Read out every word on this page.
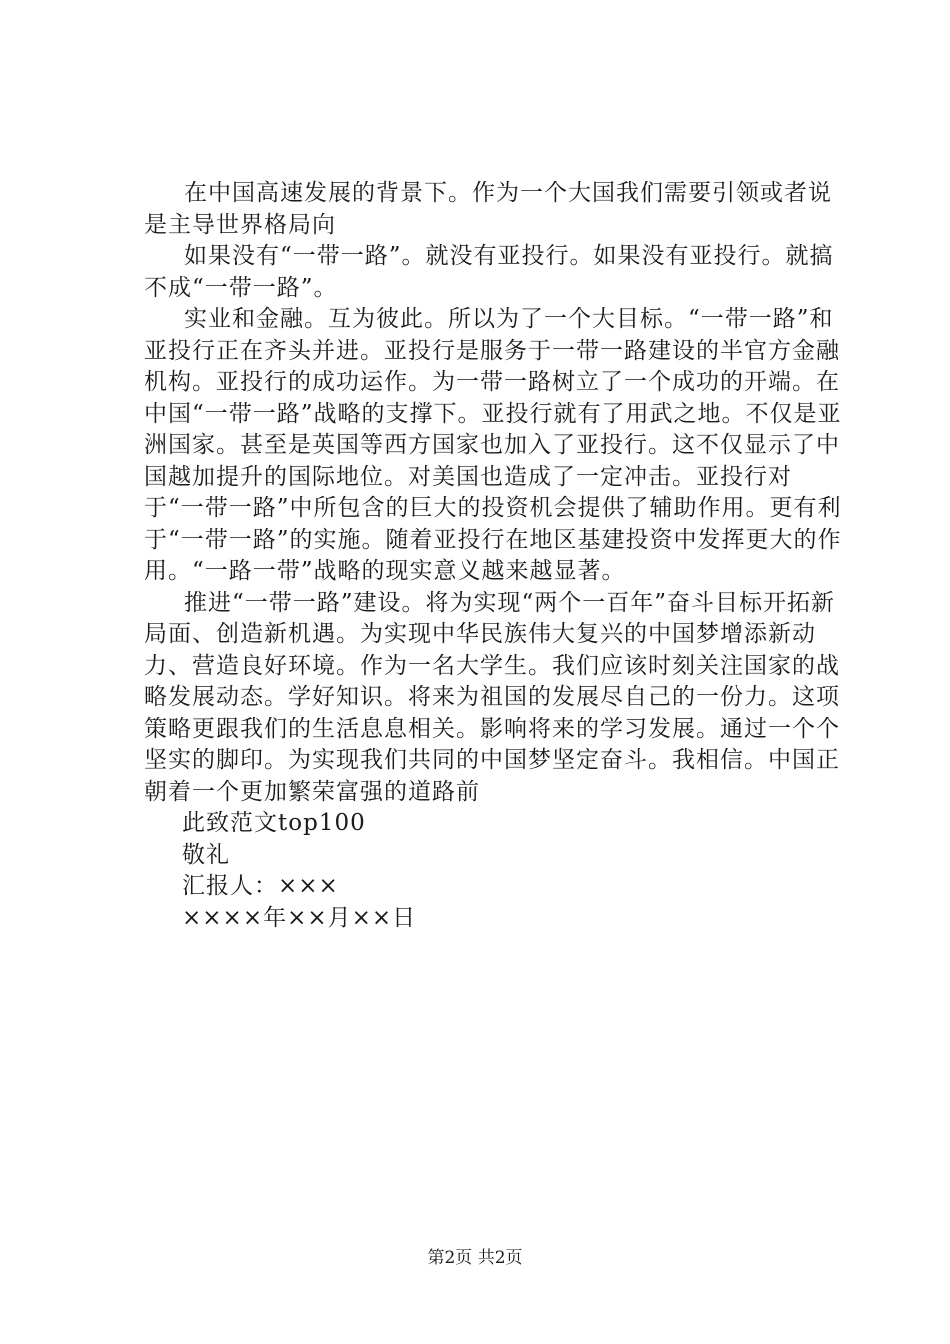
在中国高速发展的背景下。作为一个大国我们需要引领或者说是主导世界格局向

如果没有“一带一路”。就没有亚投行。如果没有亚投行。就搞不成“一带一路”。

实业和金融。互为彼此。所以为了一个大目标。“一带一路”和亚投行正在齐头并进。亚投行是服务于一带一路建设的半官方金融机构。亚投行的成功运作。为一带一路树立了一个成功的开端。在中国“一带一路”战略的支撑下。亚投行就有了用武之地。不仅是亚洲国家。甚至是英国等西方国家也加入了亚投行。这不仅显示了中国越加提升的国际地位。对美国也造成了一定冲击。亚投行对于“一带一路”中所包含的巨大的投资机会提供了辅助作用。更有利于“一带一路”的实施。随着亚投行在地区基建投资中发挥更大的作用。“一路一带”战略的现实意义越来越显著。

推进“一带一路”建设。将为实现“两个一百年”奋斗目标开拓新局面、创造新机遇。为实现中华民族伟大复兴的中国梦增添新动力、营造良好环境。作为一名大学生。我们应该时刻关注国家的战略发展动态。学好知识。将来为祖国的发展尽自己的一份力。这项策略更跟我们的生活息息相关。影响将来的学习发展。通过一个个坚实的脚印。为实现我们共同的中国梦坚定奋斗。我相信。中国正朝着一个更加繁荣富强的道路前

此致范文top100

敬礼

汇报人：×××

××××年××月××日

第2页 共2页
